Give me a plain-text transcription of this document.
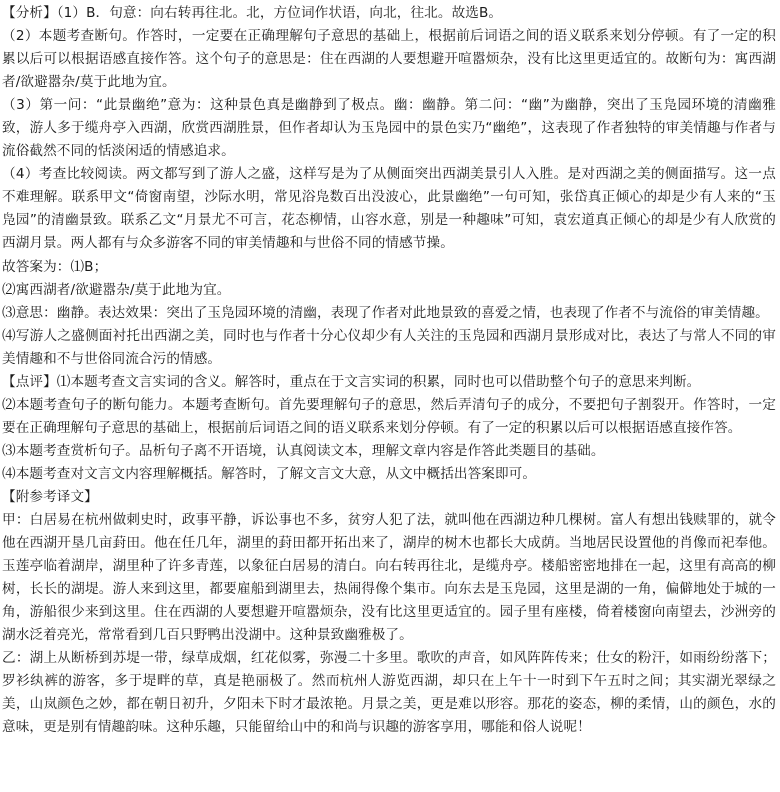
【分析】（1）B．句意：向右转再往北。北，方位词作状语，向北，往北。故选B。

（2）本题考查断句。作答时，一定要在正确理解句子意思的基础上，根据前后词语之间的语义联系来划分停顿。有了一定的积累以后可以根据语感直接作答。这个句子的意思是：住在西湖的人要想避开喧嚣烦杂，没有比这里更适宜的。故断句为：寓西湖者/欲避嚣杂/莫于此地为宜。

（3）第一问：“此景幽绝”意为：这种景色真是幽静到了极点。幽：幽静。第二问：“幽”为幽静，突出了玉凫园环境的清幽雅致，游人多于缆舟亭入西湖，欣赏西湖胜景，但作者却认为玉凫园中的景色实乃“幽绝”，这表现了作者独特的审美情趣与作者与流俗截然不同的恬淡闲适的情感追求。

（4）考查比较阅读。两文都写到了游人之盛，这样写是为了从侧面突出西湖美景引人入胜。是对西湖之美的侧面描写。这一点不难理解。联系甲文“倚窗南望，沙际水明，常见浴凫数百出没波心，此景幽绝”一句可知，张岱真正倾心的却是少有人来的“玉凫园”的清幽景致。联系乙文“月景尤不可言，花态柳情，山容水意，别是一种趣味”可知，袁宏道真正倾心的却是少有人欣赏的西湖月景。两人都有与众多游客不同的审美情趣和与世俗不同的情感节操。

故答案为：⑴B；

⑵寓西湖者/欲避嚣杂/莫于此地为宜。

⑶意思：幽静。表达效果：突出了玉凫园环境的清幽，表现了作者对此地景致的喜爱之情，也表现了作者不与流俗的审美情趣。

⑷写游人之盛侧面衬托出西湖之美，同时也与作者十分心仪却少有人关注的玉凫园和西湖月景形成对比，表达了与常人不同的审美情趣和不与世俗同流合污的情感。

【点评】⑴本题考查文言实词的含义。解答时，重点在于文言实词的积累，同时也可以借助整个句子的意思来判断。

⑵本题考查句子的断句能力。本题考查断句。首先要理解句子的意思，然后弄清句子的成分，不要把句子割裂开。作答时，一定要在正确理解句子意思的基础上，根据前后词语之间的语义联系来划分停顿。有了一定的积累以后可以根据语感直接作答。

⑶本题考查赏析句子。品析句子离不开语境，认真阅读文本，理解文章内容是作答此类题目的基础。

⑷本题考查对文言文内容理解概括。解答时，了解文言文大意，从文中概括出答案即可。

【附参考译文】

甲：白居易在杭州做刺史时，政事平静，诉讼事也不多，贫穷人犯了法，就叫他在西湖边种几棵树。富人有想出钱赎罪的，就令他在西湖开垦几亩葑田。他在任几年，湖里的葑田都开拓出来了，湖岸的树木也都长大成荫。当地居民设置他的肖像而祀奉他。玉莲亭临着湖岸，湖里种了许多青莲，以象征白居易的清白。向右转再往北，是缆舟亭。楼船密密地排在一起，这里有高高的柳树，长长的湖堤。游人来到这里，都要雇船到湖里去，热闹得像个集市。向东去是玉凫园，这里是湖的一角，偏僻地处于城的一角，游船很少来到这里。住在西湖的人要想避开喧嚣烦杂，没有比这里更适宜的。园子里有座楼，倚着楼窗向南望去，沙洲旁的湖水泛着亮光，常常看到几百只野鸭出没湖中。这种景致幽雅极了。

乙：湖上从断桥到苏堤一带，绿草成烟，红花似雾，弥漫二十多里。歌吹的声音，如风阵阵传来；仕女的粉汗，如雨纷纷落下；罗衫纨裤的游客，多于堤畔的草，真是艳丽极了。然而杭州人游览西湖，却只在上午十一时到下午五时之间；其实湖光翠绿之美，山岚颜色之妙，都在朝日初升，夕阳未下时才最浓艳。月景之美，更是难以形容。那花的姿态，柳的柔情，山的颜色，水的意味，更是别有情趣韵味。这种乐趣，只能留给山中的和尚与识趣的游客享用，哪能和俗人说呢！
